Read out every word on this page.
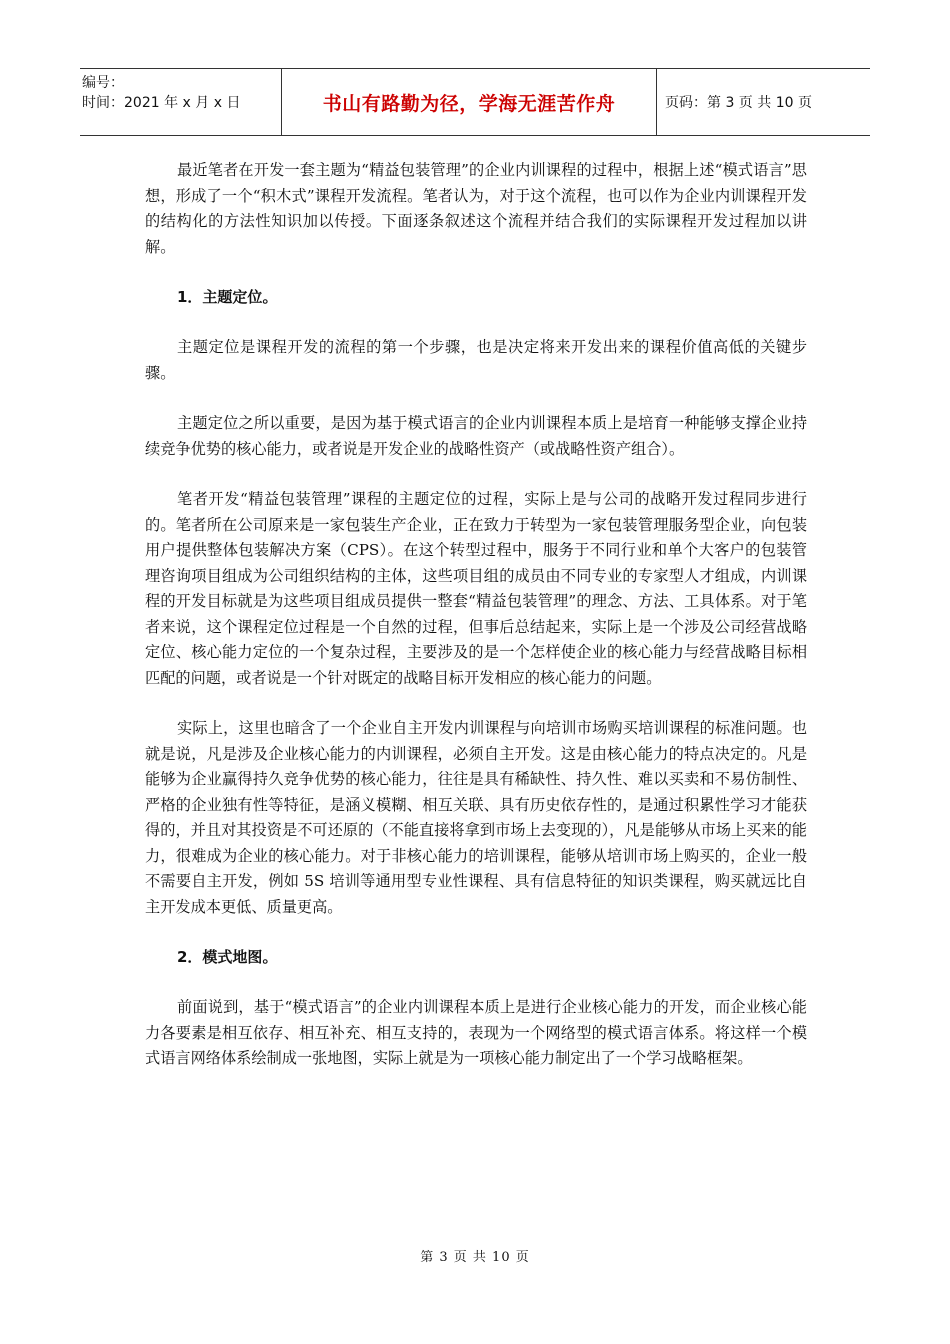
编号：
时间：2021 年 x 月 x 日	书山有路勤为径，学海无涯苦作舟	页码：第 3 页 共 10 页

最近笔者在开发一套主题为“精益包装管理”的企业内训课程的过程中，根据上述“模式语言”思想，形成了一个“积木式”课程开发流程。笔者认为，对于这个流程，也可以作为企业内训课程开发的结构化的方法性知识加以传授。下面逐条叙述这个流程并结合我们的实际课程开发过程加以讲解。

1．主题定位。

主题定位是课程开发的流程的第一个步骤，也是决定将来开发出来的课程价值高低的关键步骤。

主题定位之所以重要，是因为基于模式语言的企业内训课程本质上是培育一种能够支撑企业持续竞争优势的核心能力，或者说是开发企业的战略性资产（或战略性资产组合）。

笔者开发“精益包装管理”课程的主题定位的过程，实际上是与公司的战略开发过程同步进行的。笔者所在公司原来是一家包装生产企业，正在致力于转型为一家包装管理服务型企业，向包装用户提供整体包装解决方案（CPS）。在这个转型过程中，服务于不同行业和单个大客户的包装管理咨询项目组成为公司组织结构的主体，这些项目组的成员由不同专业的专家型人才组成，内训课程的开发目标就是为这些项目组成员提供一整套“精益包装管理”的理念、方法、工具体系。对于笔者来说，这个课程定位过程是一个自然的过程，但事后总结起来，实际上是一个涉及公司经营战略定位、核心能力定位的一个复杂过程，主要涉及的是一个怎样使企业的核心能力与经营战略目标相匹配的问题，或者说是一个针对既定的战略目标开发相应的核心能力的问题。

实际上，这里也暗含了一个企业自主开发内训课程与向培训市场购买培训课程的标准问题。也就是说，凡是涉及企业核心能力的内训课程，必须自主开发。这是由核心能力的特点决定的。凡是能够为企业赢得持久竞争优势的核心能力，往往是具有稀缺性、持久性、难以买卖和不易仿制性、严格的企业独有性等特征，是涵义模糊、相互关联、具有历史依存性的，是通过积累性学习才能获得的，并且对其投资是不可还原的（不能直接将拿到市场上去变现的），凡是能够从市场上买来的能力，很难成为企业的核心能力。对于非核心能力的培训课程，能够从培训市场上购买的，企业一般不需要自主开发，例如 5S 培训等通用型专业性课程、具有信息特征的知识类课程，购买就远比自主开发成本更低、质量更高。

2．模式地图。

前面说到，基于“模式语言”的企业内训课程本质上是进行企业核心能力的开发，而企业核心能力各要素是相互依存、相互补充、相互支持的，表现为一个网络型的模式语言体系。将这样一个模式语言网络体系绘制成一张地图，实际上就是为一项核心能力制定出了一个学习战略框架。

第 3 页 共 10 页
